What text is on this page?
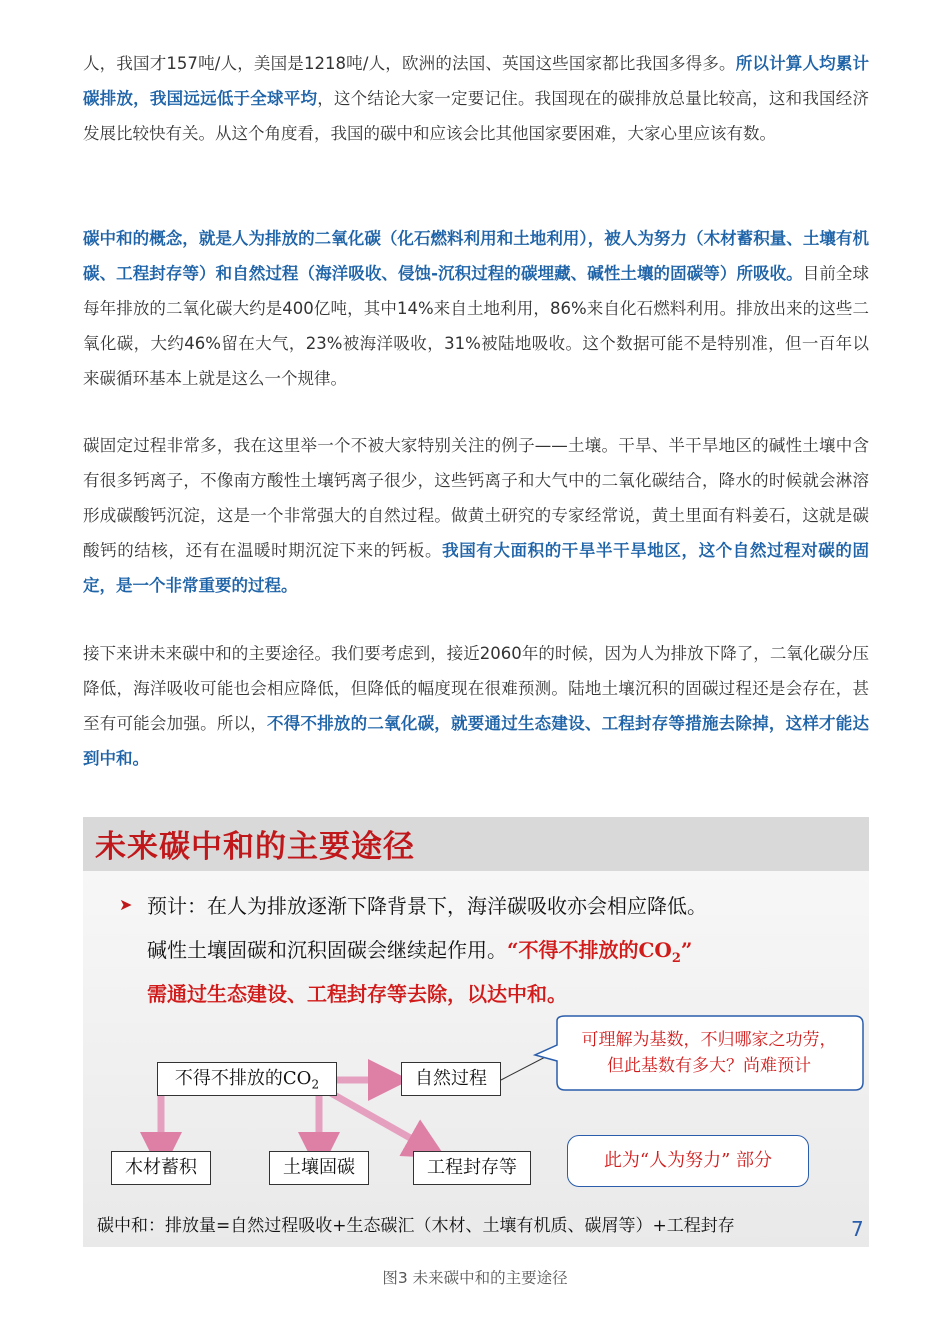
人，我国才157吨/人，美国是1218吨/人，欧洲的法国、英国这些国家都比我国多得多。所以计算人均累计碳排放，我国远远低于全球平均，这个结论大家一定要记住。我国现在的碳排放总量比较高，这和我国经济发展比较快有关。从这个角度看，我国的碳中和应该会比其他国家要困难，大家心里应该有数。
碳中和的概念，就是人为排放的二氧化碳（化石燃料利用和土地利用），被人为努力（木材蓄积量、土壤有机碳、工程封存等）和自然过程（海洋吸收、侵蚀-沉积过程的碳埋藏、碱性土壤的固碳等）所吸收。目前全球每年排放的二氧化碳大约是400亿吨，其中14%来自土地利用，86%来自化石燃料利用。排放出来的这些二氧化碳，大约46%留在大气，23%被海洋吸收，31%被陆地吸收。这个数据可能不是特别准，但一百年以来碳循环基本上就是这么一个规律。
碳固定过程非常多，我在这里举一个不被大家特别关注的例子——土壤。干旱、半干旱地区的碱性土壤中含有很多钙离子，不像南方酸性土壤钙离子很少，这些钙离子和大气中的二氧化碳结合，降水的时候就会淋溶形成碳酸钙沉淀，这是一个非常强大的自然过程。做黄土研究的专家经常说，黄土里面有料姜石，这就是碳酸钙的结核，还有在温暖时期沉淀下来的钙板。我国有大面积的干旱半干旱地区，这个自然过程对碳的固定，是一个非常重要的过程。
接下来讲未来碳中和的主要途径。我们要考虑到，接近2060年的时候，因为人为排放下降了，二氧化碳分压降低，海洋吸收可能也会相应降低，但降低的幅度现在很难预测。陆地土壤沉积的固碳过程还是会存在，甚至有可能会加强。所以，不得不排放的二氧化碳，就要通过生态建设、工程封存等措施去除掉，这样才能达到中和。
未来碳中和的主要途径
➤ 预计：在人为排放逐渐下降背景下，海洋碳吸收亦会相应降低。
碱性土壤固碳和沉积固碳会继续起作用。“不得不排放的$CO_2$”
需通过生态建设、工程封存等去除，以达中和。
不得不排放的$CO_2$	自然过程
木材蓄积	土壤固碳	工程封存等
可理解为基数，不归哪家之功劳，
但此基数有多大？尚难预计
此为“人为努力” 部分
碳中和：排放量=自然过程吸收+生态碳汇（木材、土壤有机质、碳屑等）+工程封存	7
图3 未来碳中和的主要途径
